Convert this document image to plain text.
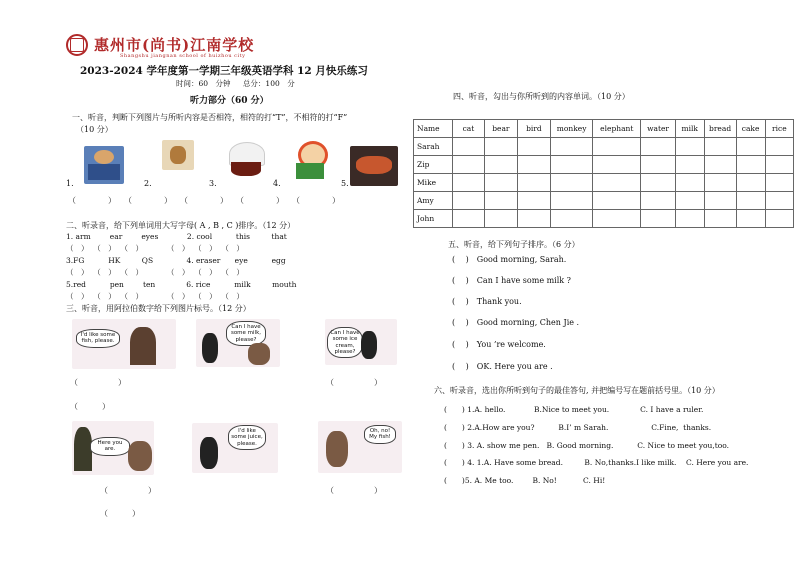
惠州市(尚书)江南学校
Shangshu jiangnan school of huizhou city
2023-2024 学年度第一学期三年级英语学科 12 月快乐练习
时间：60　分钟 总分：100　分
听力部分（60 分）
一、听音，判断下列图片与所听内容是否相符，相符的打“T”，不相符的打“F”
（10 分）
1.	2.	3.	4.	5.
（　　　　）　　（　　　　）　　（　　　　）　　（　　　　）　　（　　　　）
二、听录音，给下列单词用大写字母( A , B , C )排序。（12 分）
1. arm        ear        eyes            2. cool          this         that
（　）  （　）  （　）          （　）  （　）  （　）
3.FG          HK         QS              4. eraser      eye          egg
（　）  （　）  （　）          （　）  （　）  （　）
5.red          pen        ten             6. rice          milk         mouth
（　）  （　）  （　）          （　）  （　）  （　）
三、听音，用阿拉伯数字给下列图片标号。（12 分）
I'd like some fish, please.
Can I have some milk, please?
Can I have some ice cream, please?
（　　　　　）	（　　　　　）
（　　　）
Here you are.
I'd like some juice, please.
Oh, no! My fish!
（　　　　　）	（　　　　　）
（　　　）
四、听音，勾出与你所听到的内容单词。（10 分）
Name	cat	bear	bird	monkey	elephant	water	milk	bread	cake	rice
Sarah										
Zip										
Mike										
Amy										
John										
五、听音，给下列句子排序。（6 分）
(　 )　Good morning, Sarah.
(　 )　Can I have some milk ?
(　 )　Thank you.
(　 )　Good morning, Chen Jie .
(　 )　You ’re welcome.
(　 )　OK. Here you are .
六、听录音，选出你所听到句子的最佳答句, 并把编号写在题前括号里。（10 分）
(　　) 1.A. hello.            B.Nice to meet you.             C. I have a ruler.
(　　) 2.A.How are you?          B.I’ m Sarah.                  C.Fine,  thanks.
(　　) 3. A. show me pen.   B. Good morning.          C. Nice to meet you,too.
(　　) 4. 1.A. Have some bread.         B. No,thanks.I like milk.    C. Here you are.
(　　)5. A. Me too.        B. No!           C. Hi!
